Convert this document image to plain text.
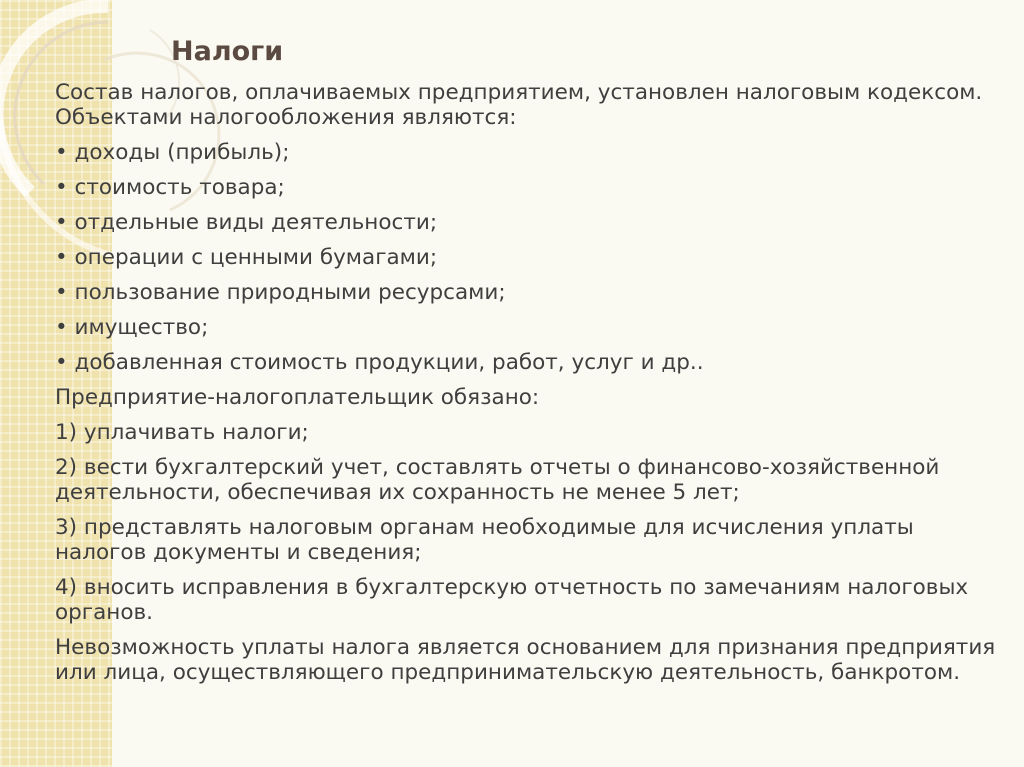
Налоги

Состав налогов, оплачиваемых предприятием, установлен налоговым кодексом. Объектами налогообложения являются:

• доходы (прибыль);

• стоимость товара;

• отдельные виды деятельности;

• операции с ценными бумагами;

• пользование природными ресурсами;

• имущество;

• добавленная стоимость продукции, работ, услуг и др..

Предприятие-налогоплательщик обязано:

1) уплачивать налоги;

2) вести бухгалтерский учет, составлять отчеты о финансово-хозяйственной деятельности, обеспечивая их сохранность не менее 5 лет;

3) представлять налоговым органам необходимые для исчисления уплаты налогов документы и сведения;

4) вносить исправления в бухгалтерскую отчетность по замечаниям налоговых органов.

Невозможность уплаты налога является основанием для признания предприятия или лица, осуществляющего предпринимательскую деятельность, банкротом.
